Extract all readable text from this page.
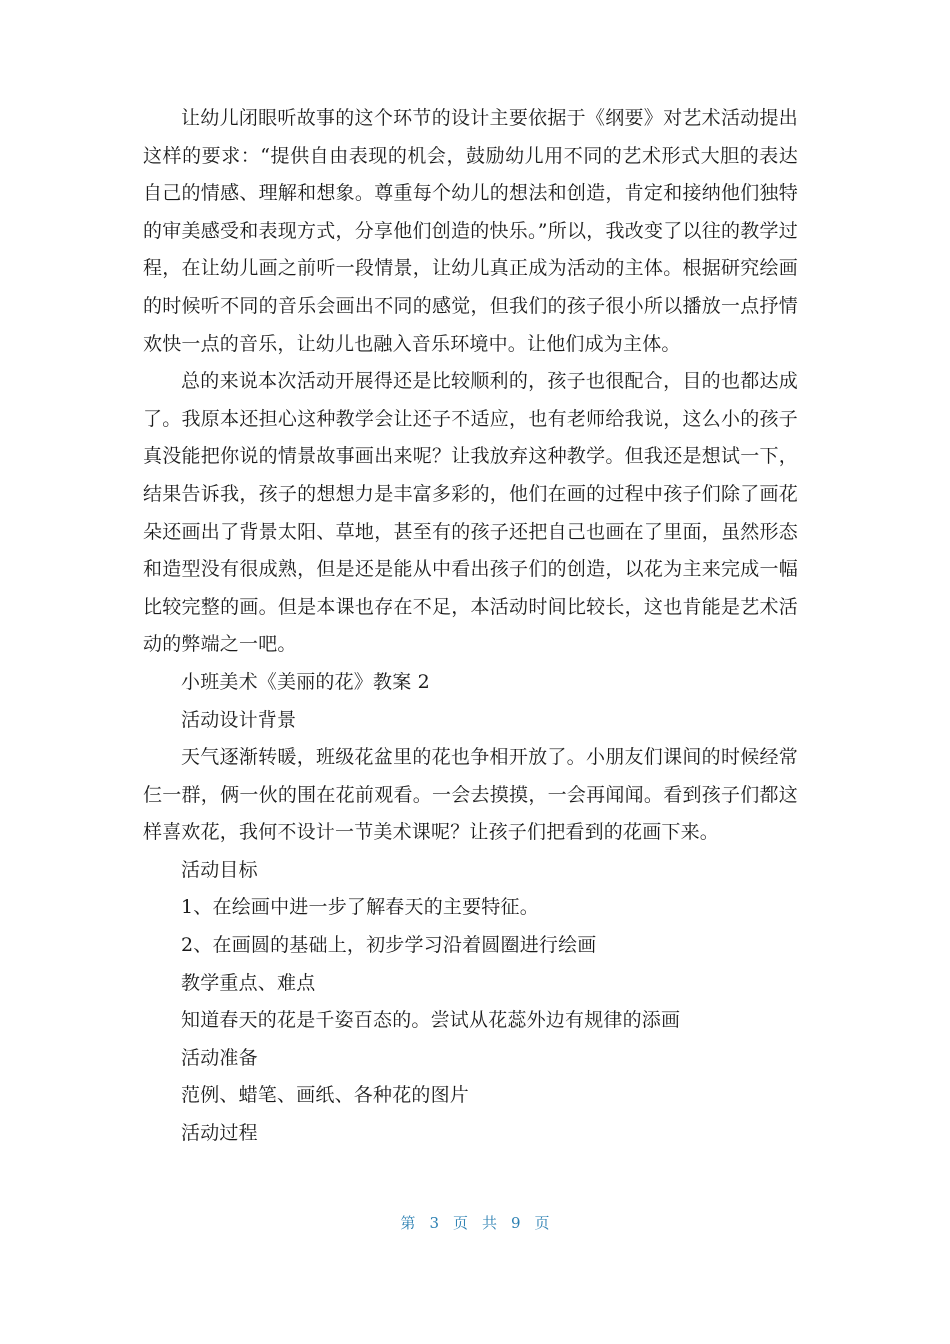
让幼儿闭眼听故事的这个环节的设计主要依据于《纲要》对艺术活动提出这样的要求：“提供自由表现的机会，鼓励幼儿用不同的艺术形式大胆的表达自己的情感、理解和想象。尊重每个幼儿的想法和创造，肯定和接纳他们独特的审美感受和表现方式，分享他们创造的快乐。”所以，我改变了以往的教学过程，在让幼儿画之前听一段情景，让幼儿真正成为活动的主体。根据研究绘画的时候听不同的音乐会画出不同的感觉，但我们的孩子很小所以播放一点抒情欢快一点的音乐，让幼儿也融入音乐环境中。让他们成为主体。

总的来说本次活动开展得还是比较顺利的，孩子也很配合，目的也都达成了。我原本还担心这种教学会让还子不适应，也有老师给我说，这么小的孩子真没能把你说的情景故事画出来呢？让我放弃这种教学。但我还是想试一下，结果告诉我，孩子的想想力是丰富多彩的，他们在画的过程中孩子们除了画花朵还画出了背景太阳、草地，甚至有的孩子还把自己也画在了里面，虽然形态和造型没有很成熟，但是还是能从中看出孩子们的创造，以花为主来完成一幅比较完整的画。但是本课也存在不足，本活动时间比较长，这也肯能是艺术活动的弊端之一吧。

小班美术《美丽的花》教案 2

活动设计背景

天气逐渐转暖，班级花盆里的花也争相开放了。小朋友们课间的时候经常仨一群，俩一伙的围在花前观看。一会去摸摸，一会再闻闻。看到孩子们都这样喜欢花，我何不设计一节美术课呢？让孩子们把看到的花画下来。

活动目标

1、在绘画中进一步了解春天的主要特征。

2、在画圆的基础上，初步学习沿着圆圈进行绘画

教学重点、难点

知道春天的花是千姿百态的。尝试从花蕊外边有规律的添画

活动准备

范例、蜡笔、画纸、各种花的图片

活动过程

第 3 页共9 页
